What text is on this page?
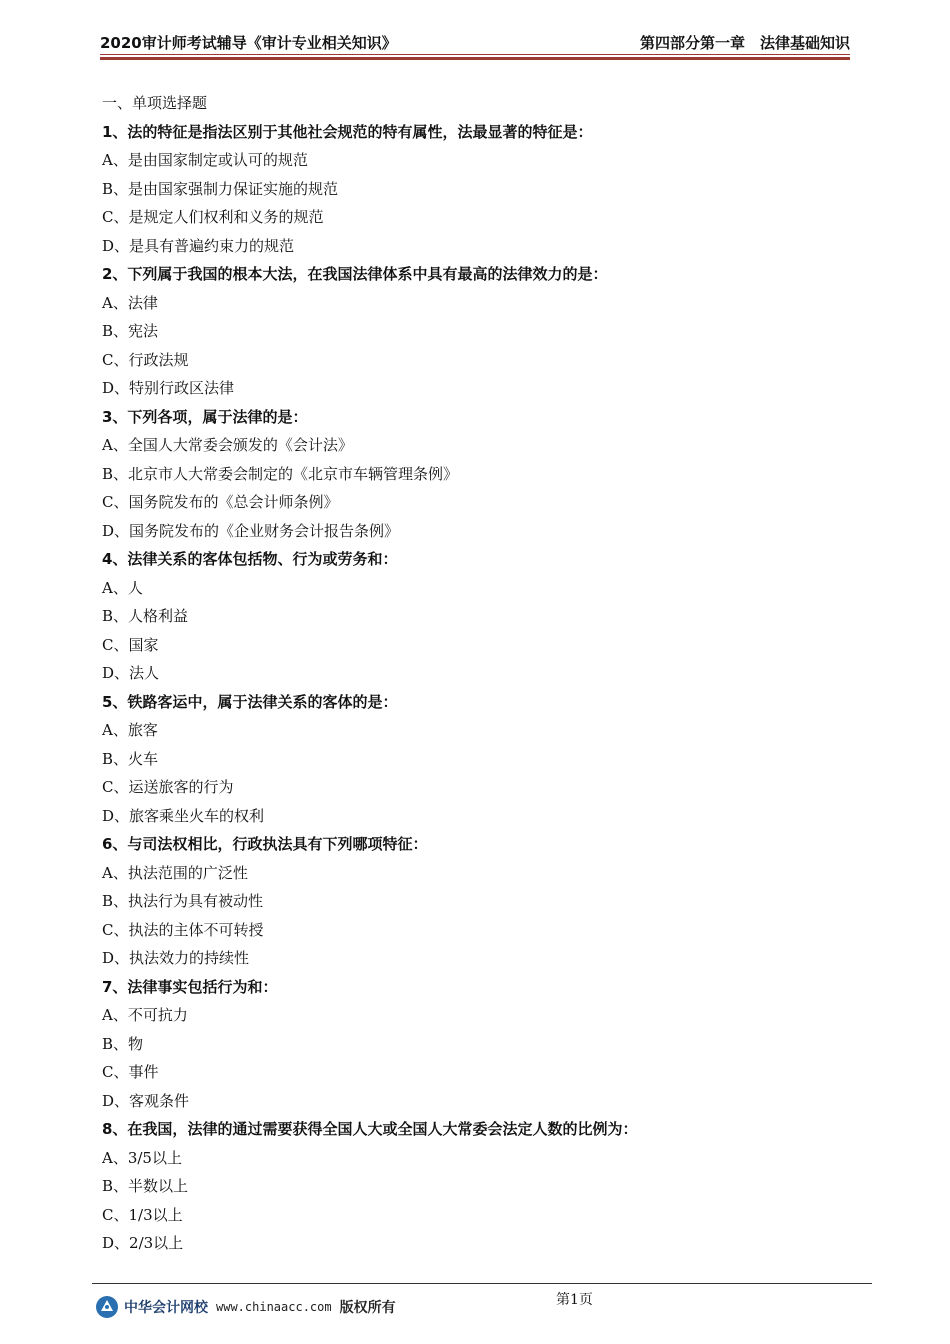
2020审计师考试辅导《审计专业相关知识》	第四部分第一章　法律基础知识
一、单项选择题
1、法的特征是指法区别于其他社会规范的特有属性，法最显著的特征是：
A、是由国家制定或认可的规范
B、是由国家强制力保证实施的规范
C、是规定人们权利和义务的规范
D、是具有普遍约束力的规范
2、下列属于我国的根本大法，在我国法律体系中具有最高的法律效力的是：
A、法律
B、宪法
C、行政法规
D、特别行政区法律
3、下列各项，属于法律的是：
A、全国人大常委会颁发的《会计法》
B、北京市人大常委会制定的《北京市车辆管理条例》
C、国务院发布的《总会计师条例》
D、国务院发布的《企业财务会计报告条例》
4、法律关系的客体包括物、行为或劳务和：
A、人
B、人格利益
C、国家
D、法人
5、铁路客运中，属于法律关系的客体的是：
A、旅客
B、火车
C、运送旅客的行为
D、旅客乘坐火车的权利
6、与司法权相比，行政执法具有下列哪项特征：
A、执法范围的广泛性
B、执法行为具有被动性
C、执法的主体不可转授
D、执法效力的持续性
7、法律事实包括行为和：
A、不可抗力
B、物
C、事件
D、客观条件
8、在我国，法律的通过需要获得全国人大或全国人大常委会法定人数的比例为：
A、3/5以上
B、半数以上
C、1/3以上
D、2/3以上
第1页
中华会计网校 www.chinaacc.com 版权所有
